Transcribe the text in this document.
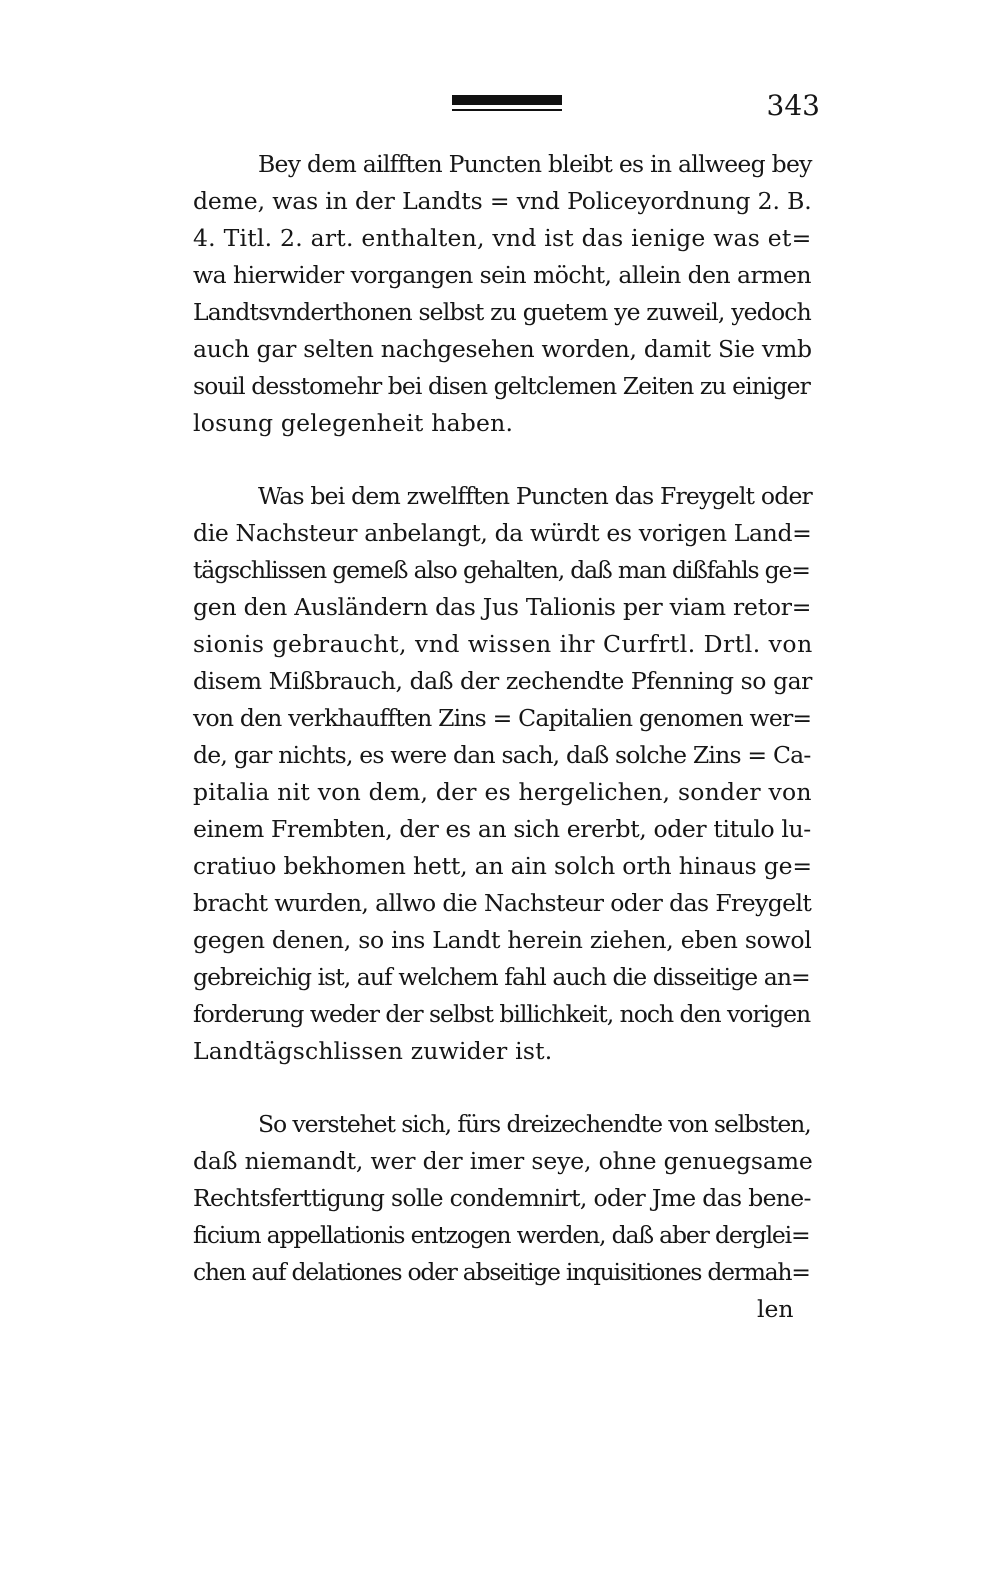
343
Bey dem ailfften Puncten bleibt es in allweeg bey
deme, was in der Landts = vnd Policeyordnung 2. B.
4. Titl. 2. art. enthalten, vnd ist das ienige was et=
wa hierwider vorgangen sein möcht, allein den armen
Landtsvnderthonen selbst zu guetem ye zuweil, yedoch
auch gar selten nachgesehen worden, damit Sie vmb
souil desstomehr bei disen geltclemen Zeiten zu einiger
losung gelegenheit haben.
Was bei dem zwelfften Puncten das Freygelt oder
die Nachsteur anbelangt, da würdt es vorigen Land=
tägschlissen gemeß also gehalten, daß man dißfahls ge=
gen den Ausländern das Jus Talionis per viam retor=
sionis gebraucht, vnd wissen ihr Curfrtl. Drtl. von
disem Mißbrauch, daß der zechendte Pfenning so gar
von den verkhaufften Zins = Capitalien genomen wer=
de, gar nichts, es were dan sach, daß solche Zins = Ca-
pitalia nit von dem, der es hergelichen, sonder von
einem Frembten, der es an sich ererbt, oder titulo lu-
cratiuo bekhomen hett, an ain solch orth hinaus ge=
bracht wurden, allwo die Nachsteur oder das Freygelt
gegen denen, so ins Landt herein ziehen, eben sowol
gebreichig ist, auf welchem fahl auch die disseitige an=
forderung weder der selbst billichkeit, noch den vorigen
Landtägschlissen zuwider ist.
So verstehet sich, fürs dreizechendte von selbsten,
daß niemandt, wer der imer seye, ohne genuegsame
Rechtsferttigung solle condemnirt, oder Jme das bene-
ficium appellationis entzogen werden, daß aber derglei=
chen auf delationes oder abseitige inquisitiones dermah=
len
